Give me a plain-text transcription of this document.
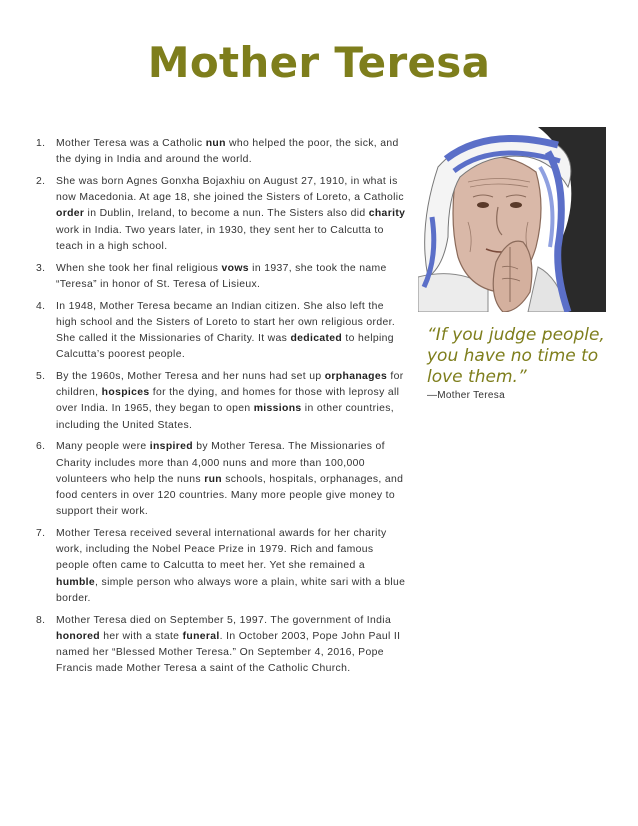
Mother Teresa
1. Mother Teresa was a Catholic nun who helped the poor, the sick, and the dying in India and around the world.
2. She was born Agnes Gonxha Bojaxhiu on August 27, 1910, in what is now Macedonia. At age 18, she joined the Sisters of Loreto, a Catholic order in Dublin, Ireland, to become a nun. The Sisters also did charity work in India. Two years later, in 1930, they sent her to Calcutta to teach in a high school.
3. When she took her final religious vows in 1937, she took the name “Teresa” in honor of St. Teresa of Lisieux.
4. In 1948, Mother Teresa became an Indian citizen. She also left the high school and the Sisters of Loreto to start her own religious order. She called it the Missionaries of Charity. It was dedicated to helping Calcutta’s poorest people.
5. By the 1960s, Mother Teresa and her nuns had set up orphanages for children, hospices for the dying, and homes for those with leprosy all over India. In 1965, they began to open missions in other countries, including the United States.
6. Many people were inspired by Mother Teresa. The Missionaries of Charity includes more than 4,000 nuns and more than 100,000 volunteers who help the nuns run schools, hospitals, orphanages, and food centers in over 120 countries. Many more people give money to support their work.
7. Mother Teresa received several international awards for her charity work, including the Nobel Peace Prize in 1979. Rich and famous people often came to Calcutta to meet her. Yet she remained a humble, simple person who always wore a plain, white sari with a blue border.
8. Mother Teresa died on September 5, 1997. The government of India honored her with a state funeral. In October 2003, Pope John Paul II named her “Blessed Mother Teresa.” On September 4, 2016, Pope Francis made Mother Teresa a saint of the Catholic Church.

“If you judge people, you have no time to love them.”

—Mother Teresa
